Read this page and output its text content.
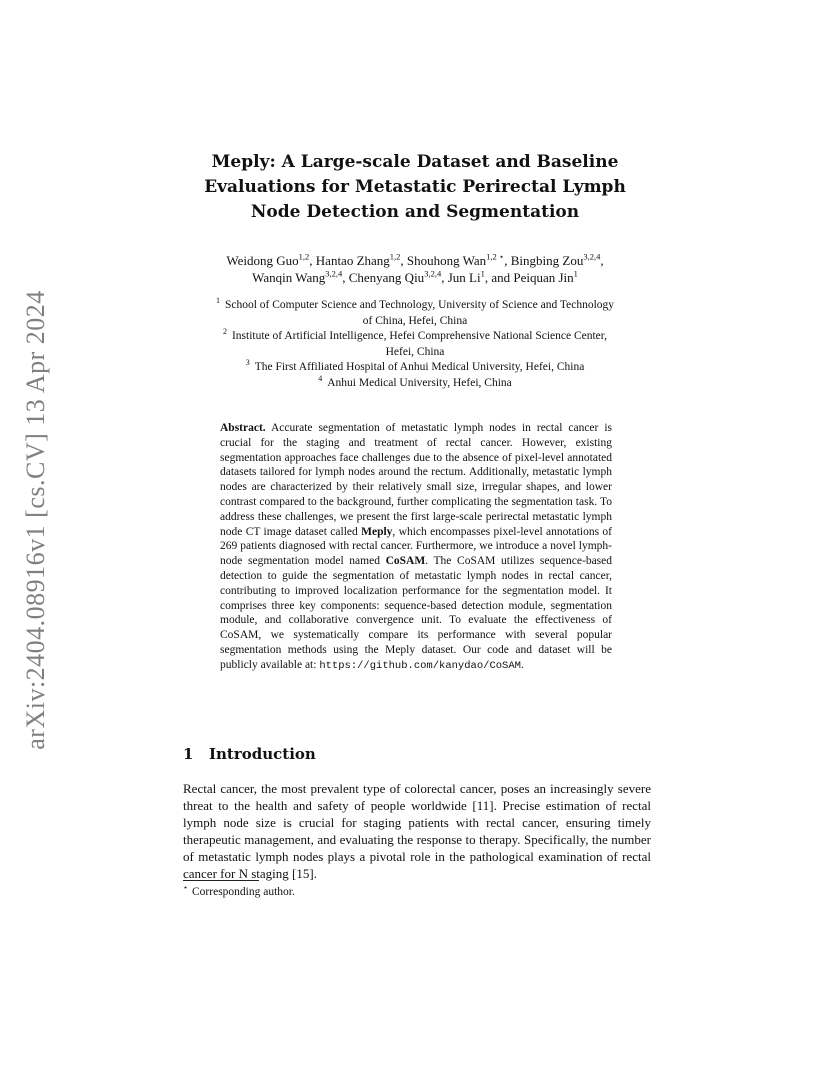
arXiv:2404.08916v1 [cs.CV] 13 Apr 2024
Meply: A Large-scale Dataset and Baseline
Evaluations for Metastatic Perirectal Lymph
Node Detection and Segmentation
Weidong Guo$^{1,2}$, Hantao Zhang$^{1,2}$, Shouhong Wan$^{1,2 ⋆}$, Bingbing Zou$^{3,2,4}$,
Wanqin Wang$^{3,2,4}$, Chenyang Qiu$^{3,2,4}$, Jun Li$^1$, and Peiquan Jin$^1$
$^1$ School of Computer Science and Technology, University of Science and Technology
of China, Hefei, China
$^2$ Institute of Artificial Intelligence, Hefei Comprehensive National Science Center,
Hefei, China
$^3$ The First Affiliated Hospital of Anhui Medical University, Hefei, China
$^4$ Anhui Medical University, Hefei, China
Abstract. Accurate segmentation of metastatic lymph nodes in rectal cancer is crucial for the staging and treatment of rectal cancer. However, existing segmentation approaches face challenges due to the absence of pixel-level annotated datasets tailored for lymph nodes around the rectum. Additionally, metastatic lymph nodes are characterized by their relatively small size, irregular shapes, and lower contrast compared to the background, further complicating the segmentation task. To address these challenges, we present the first large-scale perirectal metastatic lymph node CT image dataset called Meply, which encompasses pixel-level annotations of 269 patients diagnosed with rectal cancer. Furthermore, we introduce a novel lymph-node segmentation model named CoSAM. The CoSAM utilizes sequence-based detection to guide the segmentation of metastatic lymph nodes in rectal cancer, contributing to improved localization performance for the segmentation model. It comprises three key components: sequence-based detection module, segmentation module, and collaborative convergence unit. To evaluate the effectiveness of CoSAM, we systematically compare its performance with several popular segmentation methods using the Meply dataset. Our code and dataset will be publicly available at: https://github.com/kanydao/CoSAM.
1 Introduction
Rectal cancer, the most prevalent type of colorectal cancer, poses an increasingly severe threat to the health and safety of people worldwide [11]. Precise estimation of rectal lymph node size is crucial for staging patients with rectal cancer, ensuring timely therapeutic management, and evaluating the response to therapy. Specifically, the number of metastatic lymph nodes plays a pivotal role in the pathological examination of rectal cancer for N staging [15].
⋆ Corresponding author.
